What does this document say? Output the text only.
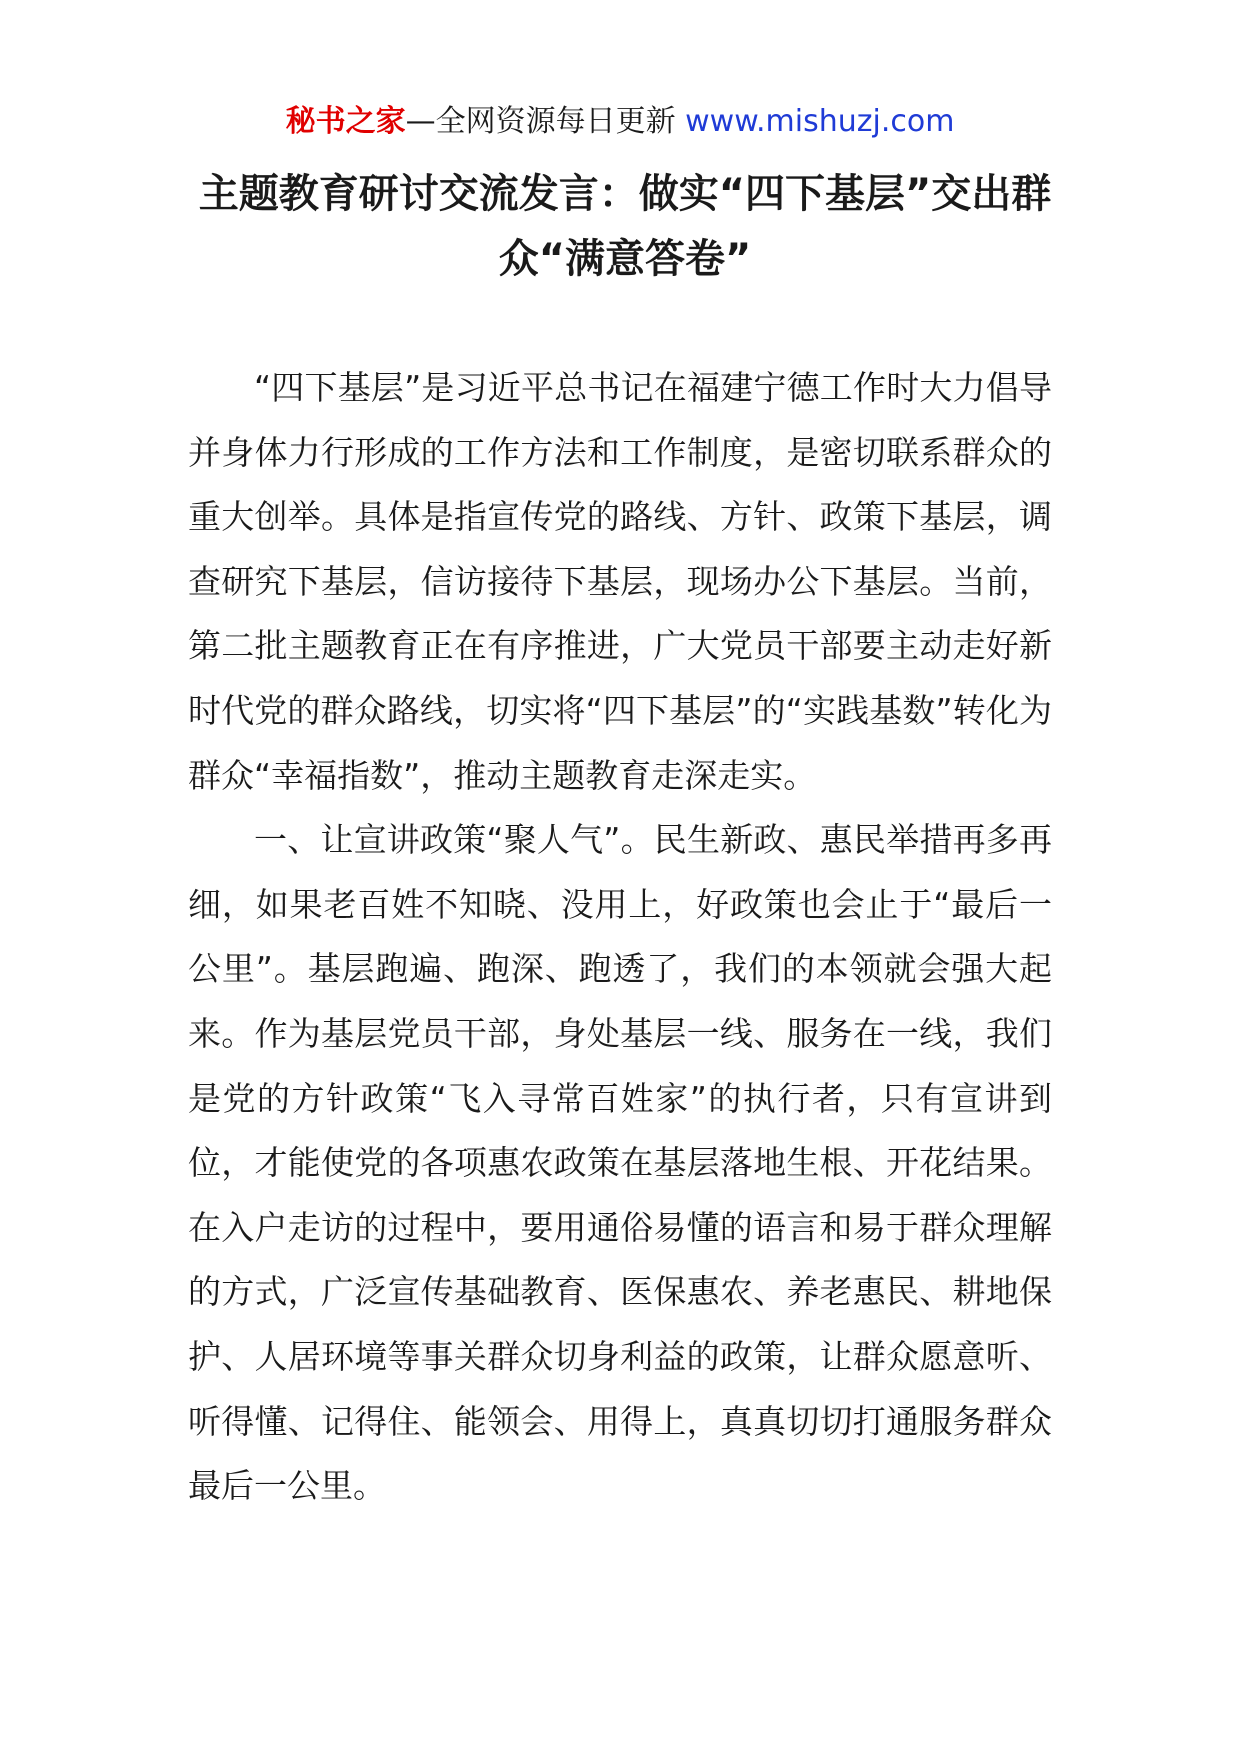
秘书之家—全网资源每日更新 www.mishuzj.com
主题教育研讨交流发言：做实“四下基层”交出群众“满意答卷”

“四下基层”是习近平总书记在福建宁德工作时大力倡导并身体力行形成的工作方法和工作制度，是密切联系群众的重大创举。具体是指宣传党的路线、方针、政策下基层，调查研究下基层，信访接待下基层，现场办公下基层。当前，第二批主题教育正在有序推进，广大党员干部要主动走好新时代党的群众路线，切实将“四下基层”的“实践基数”转化为群众“幸福指数”，推动主题教育走深走实。

一、让宣讲政策“聚人气”。民生新政、惠民举措再多再细，如果老百姓不知晓、没用上，好政策也会止于“最后一公里”。基层跑遍、跑深、跑透了，我们的本领就会强大起来。作为基层党员干部，身处基层一线、服务在一线，我们是党的方针政策“飞入寻常百姓家”的执行者，只有宣讲到位，才能使党的各项惠农政策在基层落地生根、开花结果。在入户走访的过程中，要用通俗易懂的语言和易于群众理解的方式，广泛宣传基础教育、医保惠农、养老惠民、耕地保护、人居环境等事关群众切身利益的政策，让群众愿意听、听得懂、记得住、能领会、用得上，真真切切打通服务群众最后一公里。
